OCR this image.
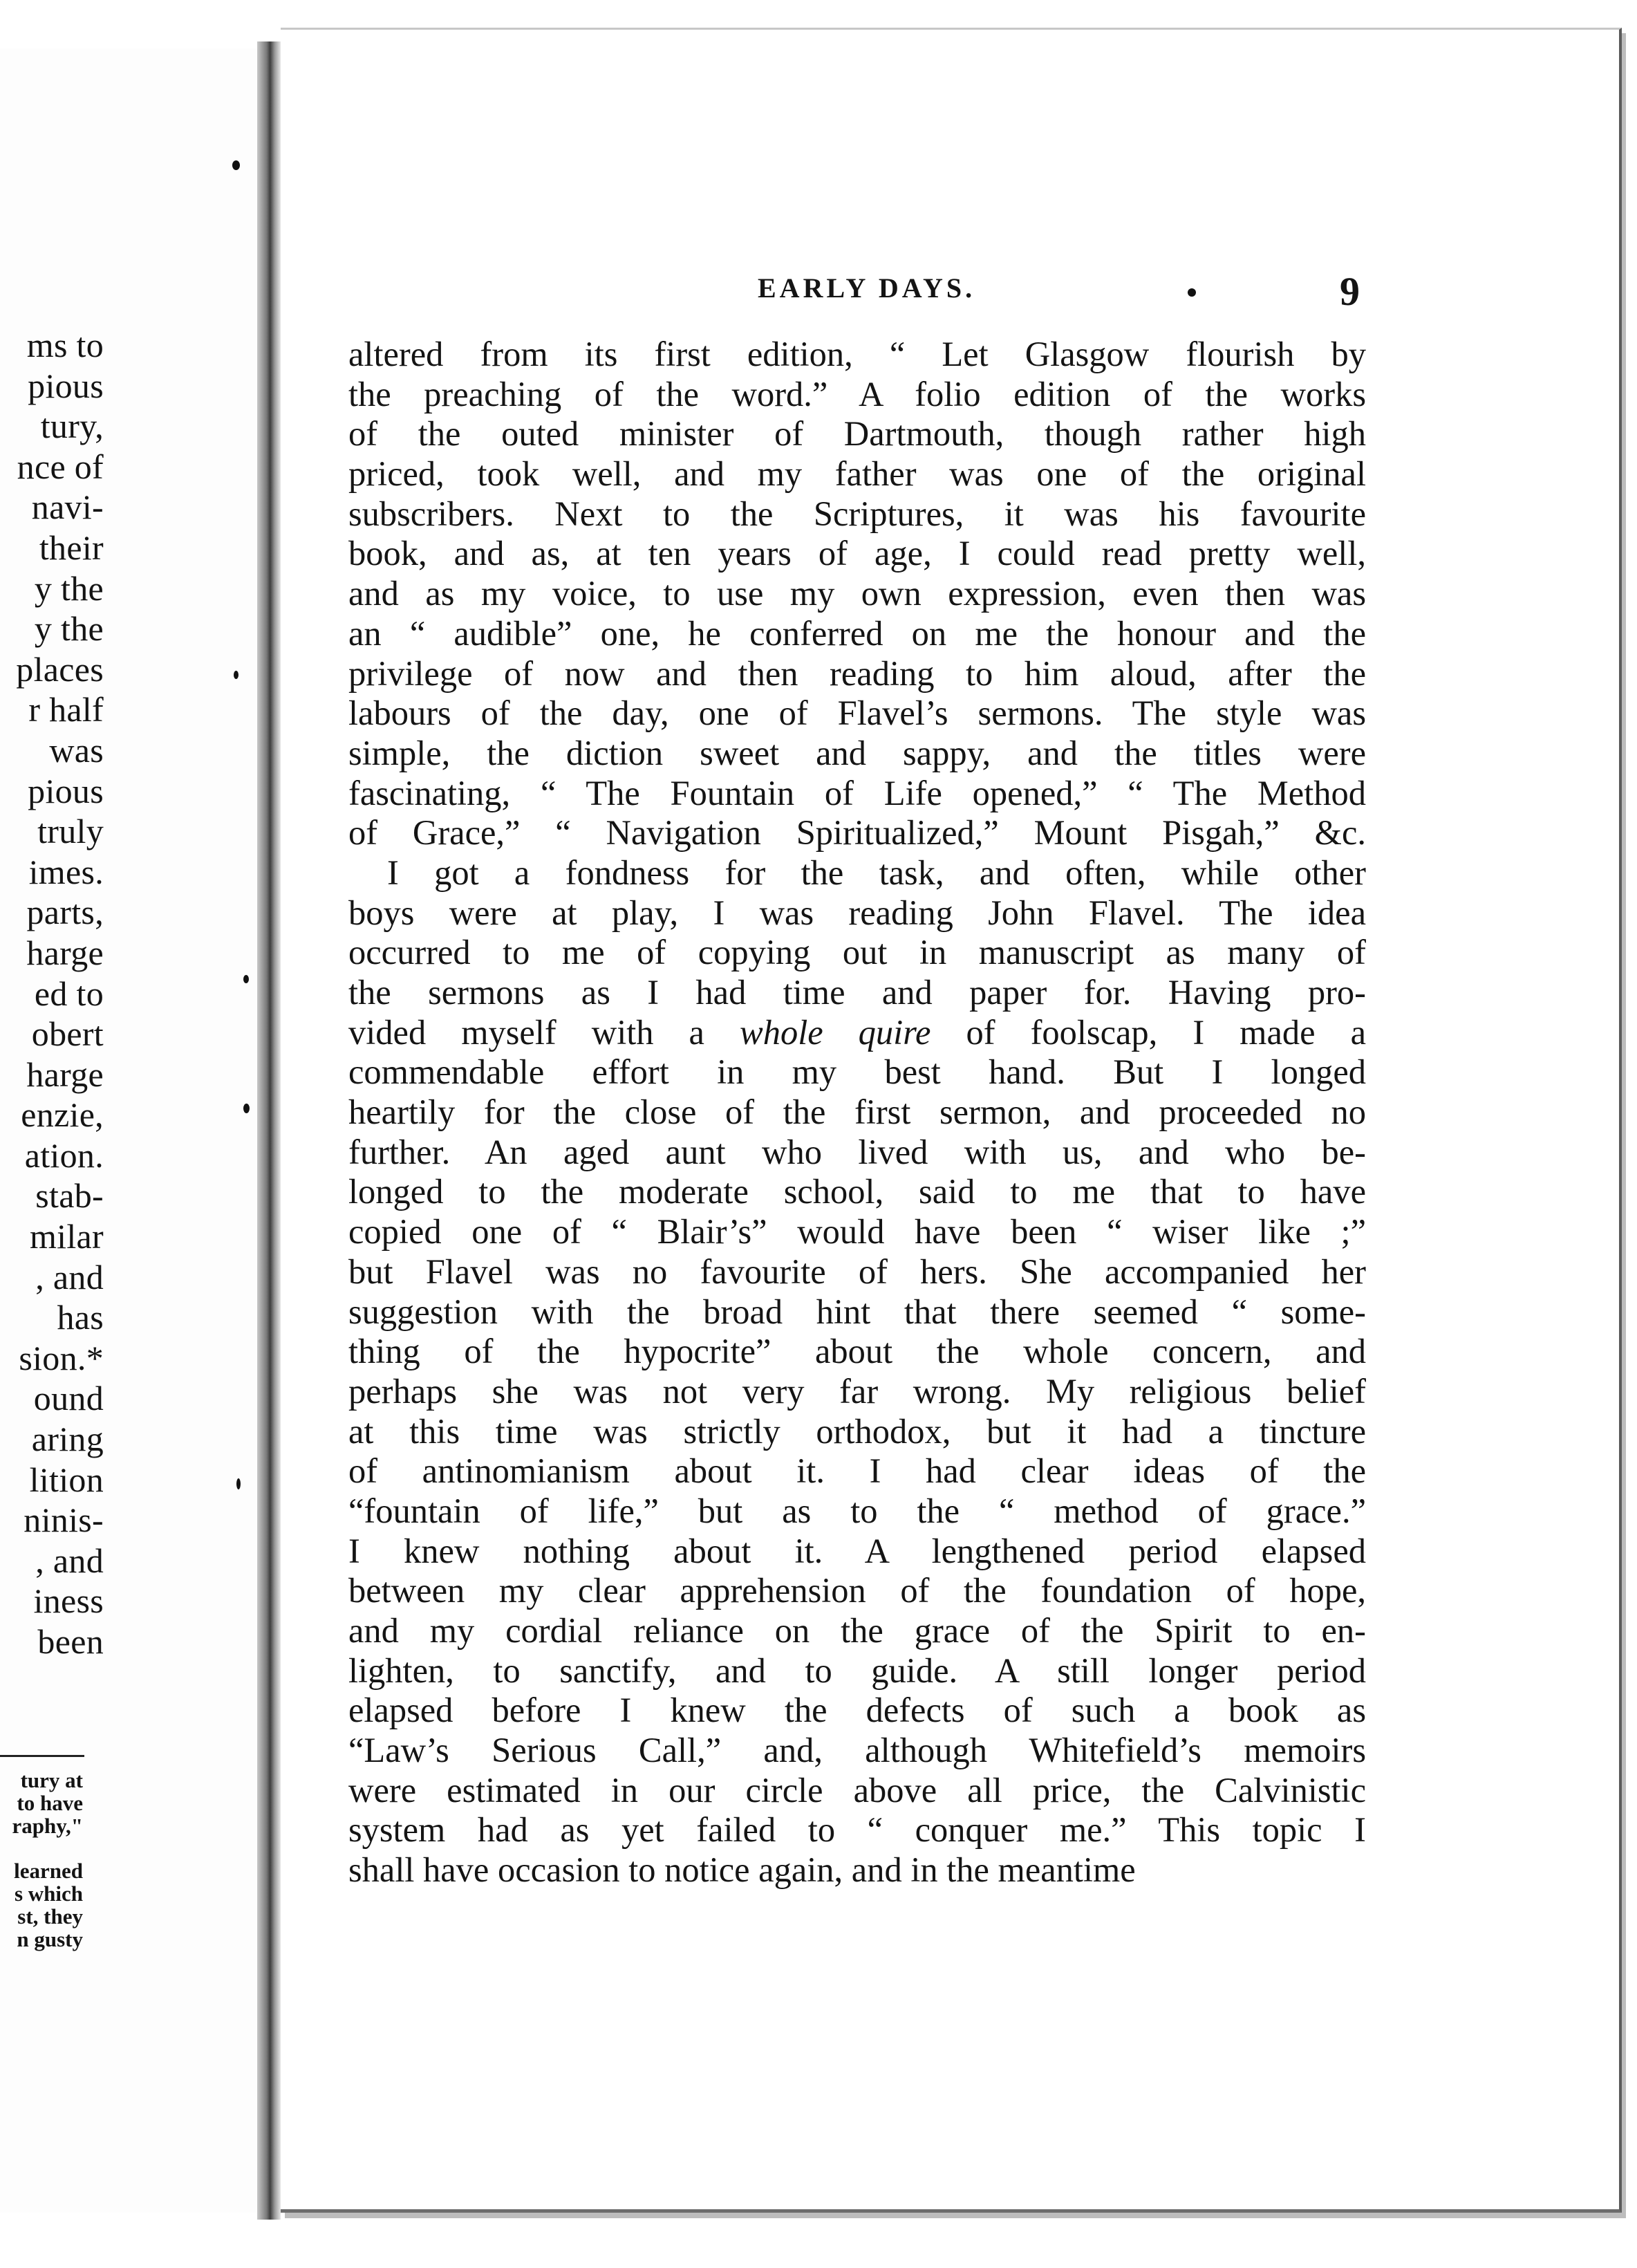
ms to
pious
tury,
nce of
navi-
their
y the
y the
places
r half
was
pious
truly
imes.
parts,
harge
ed to
obert
harge
enzie,
ation.
stab-
milar
, and
has
sion.*
ound
aring
lition
ninis-
, and
iness
been
tury at
to have
raphy,"
learned
s which
st, they
n gusty
EARLY DAYS.	9
altered from its first edition, “ Let Glasgow flourish by
the preaching of the word.” A folio edition of the works
of the outed minister of Dartmouth, though rather high
priced, took well, and my father was one of the original
subscribers. Next to the Scriptures, it was his favourite
book, and as, at ten years of age, I could read pretty well,
and as my voice, to use my own expression, even then was
an “ audible” one, he conferred on me the honour and the
privilege of now and then reading to him aloud, after the
labours of the day, one of Flavel’s sermons. The style was
simple, the diction sweet and sappy, and the titles were
fascinating, “ The Fountain of Life opened,” “ The Method
of Grace,” “ Navigation Spiritualized,” Mount Pisgah,” &c.
I got a fondness for the task, and often, while other
boys were at play, I was reading John Flavel. The idea
occurred to me of copying out in manuscript as many of
the sermons as I had time and paper for. Having pro-
vided myself with a whole quire of foolscap, I made a
commendable effort in my best hand. But I longed
heartily for the close of the first sermon, and proceeded no
further. An aged aunt who lived with us, and who be-
longed to the moderate school, said to me that to have
copied one of “ Blair’s” would have been “ wiser like ;”
but Flavel was no favourite of hers. She accompanied her
suggestion with the broad hint that there seemed “ some-
thing of the hypocrite” about the whole concern, and
perhaps she was not very far wrong. My religious belief
at this time was strictly orthodox, but it had a tincture
of antinomianism about it. I had clear ideas of the
“fountain of life,” but as to the “ method of grace.”
I knew nothing about it. A lengthened period elapsed
between my clear apprehension of the foundation of hope,
and my cordial reliance on the grace of the Spirit to en-
lighten, to sanctify, and to guide. A still longer period
elapsed before I knew the defects of such a book as
“Law’s Serious Call,” and, although Whitefield’s memoirs
were estimated in our circle above all price, the Calvinistic
system had as yet failed to “ conquer me.” This topic I
shall have occasion to notice again, and in the meantime
